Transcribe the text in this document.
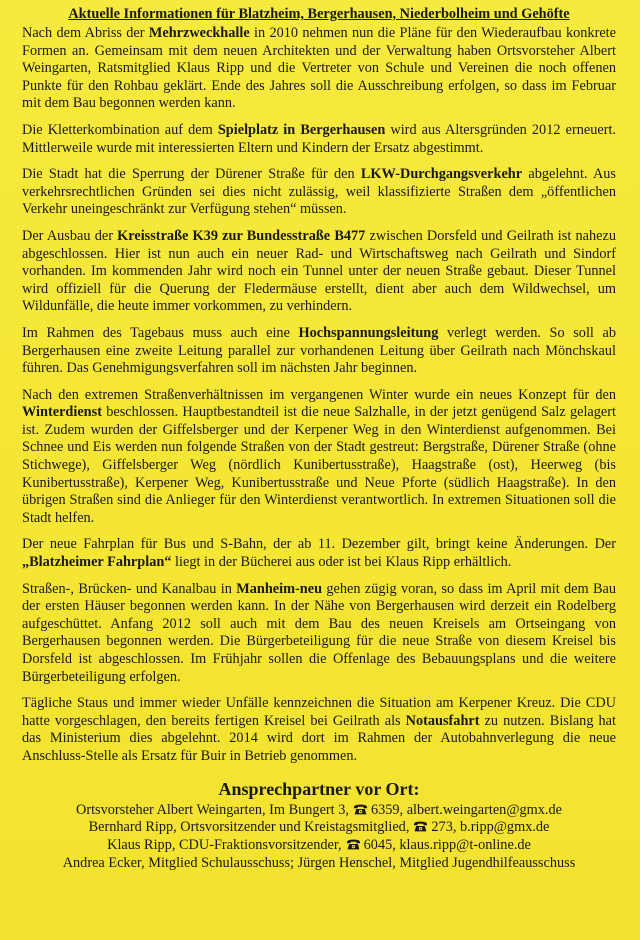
Aktuelle Informationen für Blatzheim, Bergerhausen, Niederbolheim und Gehöfte

Nach dem Abriss der Mehrzweckhalle in 2010 nehmen nun die Pläne für den Wiederaufbau konkrete Formen an. Gemeinsam mit dem neuen Architekten und der Verwaltung haben Ortsvorsteher Albert Weingarten, Ratsmitglied Klaus Ripp und die Vertreter von Schule und Vereinen die noch offenen Punkte für den Rohbau geklärt. Ende des Jahres soll die Ausschreibung erfolgen, so dass im Februar mit dem Bau begonnen werden kann.

Die Kletterkombination auf dem Spielplatz in Bergerhausen wird aus Altersgründen 2012 erneuert. Mittlerweile wurde mit interessierten Eltern und Kindern der Ersatz abgestimmt.

Die Stadt hat die Sperrung der Dürener Straße für den LKW-Durchgangsverkehr abgelehnt. Aus verkehrsrechtlichen Gründen sei dies nicht zulässig, weil klassifizierte Straßen dem „öffentlichen Verkehr uneingeschränkt zur Verfügung stehen“ müssen.

Der Ausbau der Kreisstraße K39 zur Bundesstraße B477 zwischen Dorsfeld und Geilrath ist nahezu abgeschlossen. Hier ist nun auch ein neuer Rad- und Wirtschaftsweg nach Geilrath und Sindorf vorhanden. Im kommenden Jahr wird noch ein Tunnel unter der neuen Straße gebaut. Dieser Tunnel wird offiziell für die Querung der Fledermäuse erstellt, dient aber auch dem Wildwechsel, um Wildunfälle, die heute immer vorkommen, zu verhindern.

Im Rahmen des Tagebaus muss auch eine Hochspannungsleitung verlegt werden. So soll ab Bergerhausen eine zweite Leitung parallel zur vorhandenen Leitung über Geilrath nach Mönchskaul führen. Das Genehmigungsverfahren soll im nächsten Jahr beginnen.

Nach den extremen Straßenverhältnissen im vergangenen Winter wurde ein neues Konzept für den Winterdienst beschlossen. Hauptbestandteil ist die neue Salzhalle, in der jetzt genügend Salz gelagert ist. Zudem wurden der Giffelsberger und der Kerpener Weg in den Winterdienst aufgenommen. Bei Schnee und Eis werden nun folgende Straßen von der Stadt gestreut: Bergstraße, Dürener Straße (ohne Stichwege), Giffelsberger Weg (nördlich Kunibertusstraße), Haagstraße (ost), Heerweg (bis Kunibertusstraße), Kerpener Weg, Kunibertusstraße und Neue Pforte (südlich Haagstraße). In den übrigen Straßen sind die Anlieger für den Winterdienst verantwortlich. In extremen Situationen soll die Stadt helfen.

Der neue Fahrplan für Bus und S-Bahn, der ab 11. Dezember gilt, bringt keine Änderungen. Der „Blatzheimer Fahrplan“ liegt in der Bücherei aus oder ist bei Klaus Ripp erhältlich.

Straßen-, Brücken- und Kanalbau in Manheim-neu gehen zügig voran, so dass im April mit dem Bau der ersten Häuser begonnen werden kann. In der Nähe von Bergerhausen wird derzeit ein Rodelberg aufgeschüttet. Anfang 2012 soll auch mit dem Bau des neuen Kreisels am Ortseingang von Bergerhausen begonnen werden. Die Bürgerbeteiligung für die neue Straße von diesem Kreisel bis Dorsfeld ist abgeschlossen. Im Frühjahr sollen die Offenlage des Bebauungsplans und die weitere Bürgerbeteiligung erfolgen.

Tägliche Staus und immer wieder Unfälle kennzeichnen die Situation am Kerpener Kreuz. Die CDU hatte vorgeschlagen, den bereits fertigen Kreisel bei Geilrath als Notausfahrt zu nutzen. Bislang hat das Ministerium dies abgelehnt. 2014 wird dort im Rahmen der Autobahnverlegung die neue Anschluss-Stelle als Ersatz für Buir in Betrieb genommen.

Ansprechpartner vor Ort:
Ortsvorsteher Albert Weingarten, Im Bungert 3, 6359, albert.weingarten@gmx.de
Bernhard Ripp, Ortsvorsitzender und Kreistagsmitglied, 273, b.ripp@gmx.de
Klaus Ripp, CDU-Fraktionsvorsitzender, 6045, klaus.ripp@t-online.de
Andrea Ecker, Mitglied Schulausschuss; Jürgen Henschel, Mitglied Jugendhilfeausschuss
